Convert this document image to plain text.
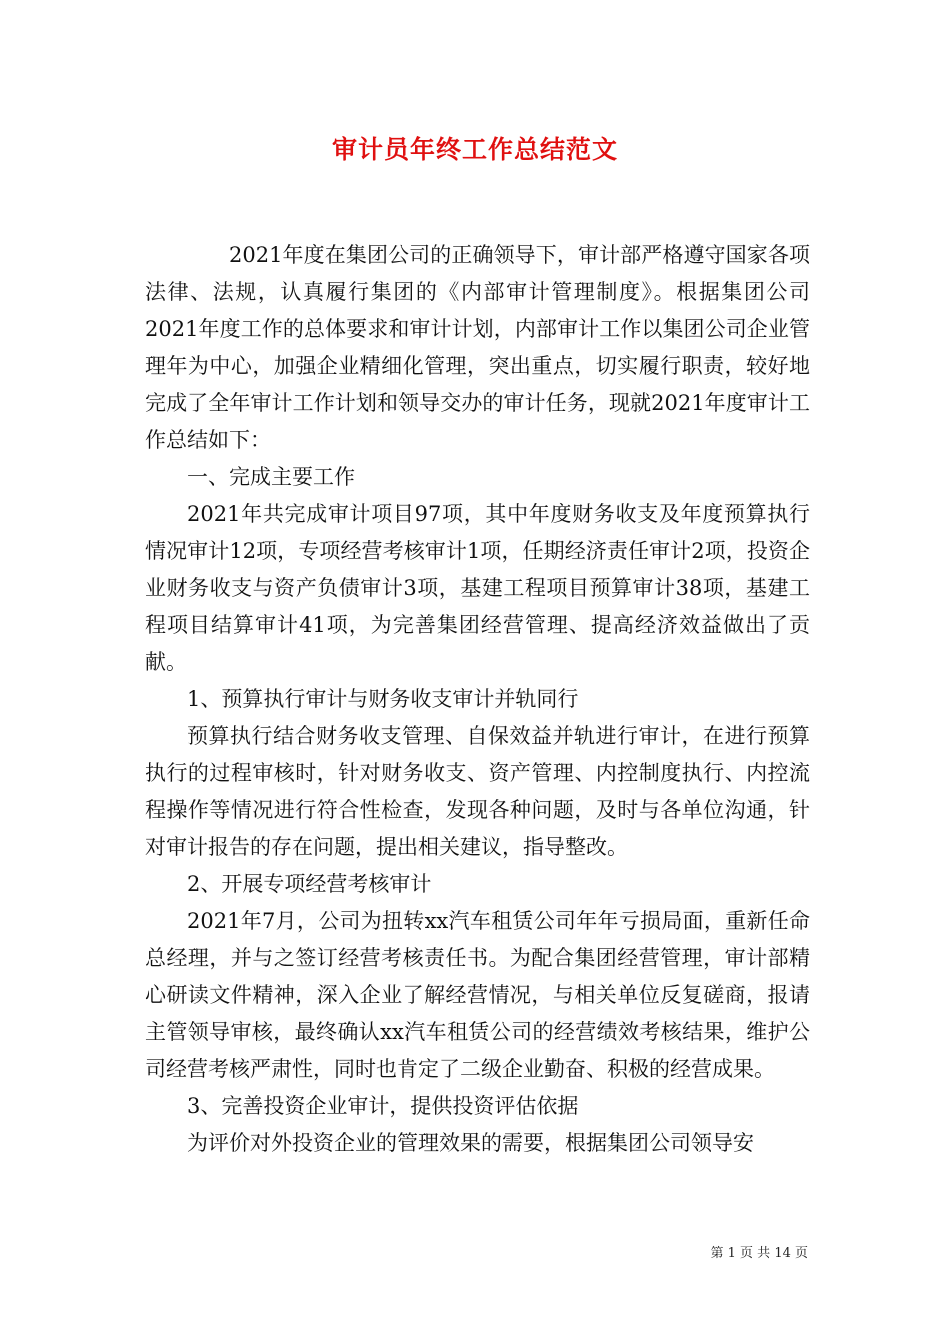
审计员年终工作总结范文

2021年度在集团公司的正确领导下，审计部严格遵守国家各项法律、法规，认真履行集团的《内部审计管理制度》。根据集团公司2021年度工作的总体要求和审计计划，内部审计工作以集团公司企业管理年为中心，加强企业精细化管理，突出重点，切实履行职责，较好地完成了全年审计工作计划和领导交办的审计任务，现就2021年度审计工作总结如下：

一、完成主要工作

2021年共完成审计项目97项，其中年度财务收支及年度预算执行情况审计12项，专项经营考核审计1项，任期经济责任审计2项，投资企业财务收支与资产负债审计3项，基建工程项目预算审计38项，基建工程项目结算审计41项，为完善集团经营管理、提高经济效益做出了贡献。

1、预算执行审计与财务收支审计并轨同行

预算执行结合财务收支管理、自保效益并轨进行审计，在进行预算执行的过程审核时，针对财务收支、资产管理、内控制度执行、内控流程操作等情况进行符合性检查，发现各种问题，及时与各单位沟通，针对审计报告的存在问题，提出相关建议，指导整改。

2、开展专项经营考核审计

2021年7月，公司为扭转xx汽车租赁公司年年亏损局面，重新任命总经理，并与之签订经营考核责任书。为配合集团经营管理，审计部精心研读文件精神，深入企业了解经营情况，与相关单位反复磋商，报请主管领导审核，最终确认xx汽车租赁公司的经营绩效考核结果，维护公司经营考核严肃性，同时也肯定了二级企业勤奋、积极的经营成果。

3、完善投资企业审计，提供投资评估依据

为评价对外投资企业的管理效果的需要，根据集团公司领导安

第 1 页 共 14 页
